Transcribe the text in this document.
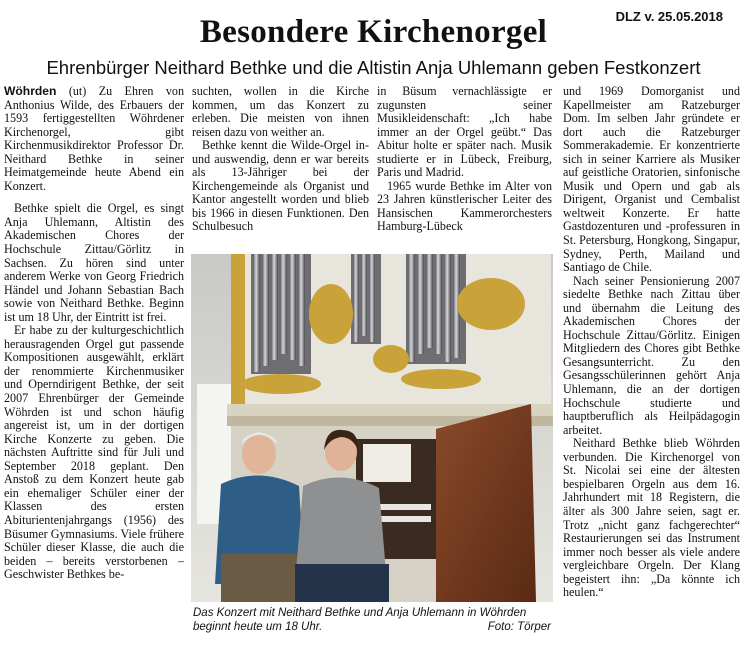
DLZ v. 25.05.2018
Besondere Kirchenorgel
Ehrenbürger Neithard Bethke und die Altistin Anja Uhlemann geben Festkonzert

Wöhrden (ut) Zu Ehren von Anthonius Wilde, des Erbauers der 1593 fertiggestellten Wöhrdener Kirchenorgel, gibt Kirchenmusikdirektor Professor Dr. Neithard Bethke in seiner Heimatgemeinde heute Abend ein Konzert.

Bethke spielt die Orgel, es singt Anja Uhlemann, Altistin des Akademischen Chores der Hochschule Zittau/Görlitz in Sachsen. Zu hören sind unter anderem Werke von Georg Friedrich Händel und Johann Sebastian Bach sowie von Neithard Bethke. Beginn ist um 18 Uhr, der Eintritt ist frei.

Er habe zu der kulturgeschichtlich herausragenden Orgel gut passende Kompositionen ausgewählt, erklärt der renommierte Kirchenmusiker und Operndirigent Bethke, der seit 2007 Ehrenbürger der Gemeinde Wöhrden ist und schon häufig angereist ist, um in der dortigen Kirche Konzerte zu geben. Die nächsten Auftritte sind für Juli und September 2018 geplant. Den Anstoß zu dem Konzert heute gab ein ehemaliger Schüler einer der Klassen des ersten Abiturientenjahrgangs (1956) des Büsumer Gymnasiums. Viele frühere Schüler dieser Klasse, die auch die beiden – bereits verstorbenen – Geschwister Bethkes be-

suchten, wollen in die Kirche kommen, um das Konzert zu erleben. Die meisten von ihnen reisen dazu von weither an.

Bethke kennt die Wilde-Orgel in- und auswendig, denn er war bereits als 13-Jähriger bei der Kirchengemeinde als Organist und Kantor angestellt worden und blieb bis 1966 in diesen Funktionen. Den Schulbesuch

in Büsum vernachlässigte er zugunsten seiner Musikleidenschaft: „Ich habe immer an der Orgel geübt.“ Das Abitur holte er später nach. Musik studierte er in Lübeck, Freiburg, Paris und Madrid.

1965 wurde Bethke im Alter von 23 Jahren künstlerischer Leiter des Hansischen Kammerorchesters Hamburg-Lübeck

und 1969 Domorganist und Kapellmeister am Ratzeburger Dom. Im selben Jahr gründete er dort auch die Ratzeburger Sommerakademie. Er konzentrierte sich in seiner Karriere als Musiker auf geistliche Oratorien, sinfonische Musik und Opern und gab als Dirigent, Organist und Cembalist weltweit Konzerte. Er hatte Gastdozenturen und -professuren in St. Petersburg, Hongkong, Singapur, Sydney, Perth, Mailand und Santiago de Chile.

Nach seiner Pensionierung 2007 siedelte Bethke nach Zittau über und übernahm die Leitung des Akademischen Chores der Hochschule Zittau/Görlitz. Einigen Mitgliedern des Chores gibt Bethke Gesangsunterricht. Zu den Gesangsschülerinnen gehört Anja Uhlemann, die an der dortigen Hochschule studierte und hauptberuflich als Heilpädagogin arbeitet.

Neithard Bethke blieb Wöhrden verbunden. Die Kirchenorgel von St. Nicolai sei eine der ältesten bespielbaren Orgeln aus dem 16. Jahrhundert mit 18 Registern, die älter als 300 Jahre seien, sagt er. Trotz „nicht ganz fachgerechter“ Restaurierungen sei das Instrument immer noch besser als viele andere vergleichbare Orgeln. Der Klang begeistert ihn: „Da könnte ich heulen.“

Das Konzert mit Neithard Bethke und Anja Uhlemann in Wöhrden beginnt heute um 18 Uhr.	Foto: Törper
